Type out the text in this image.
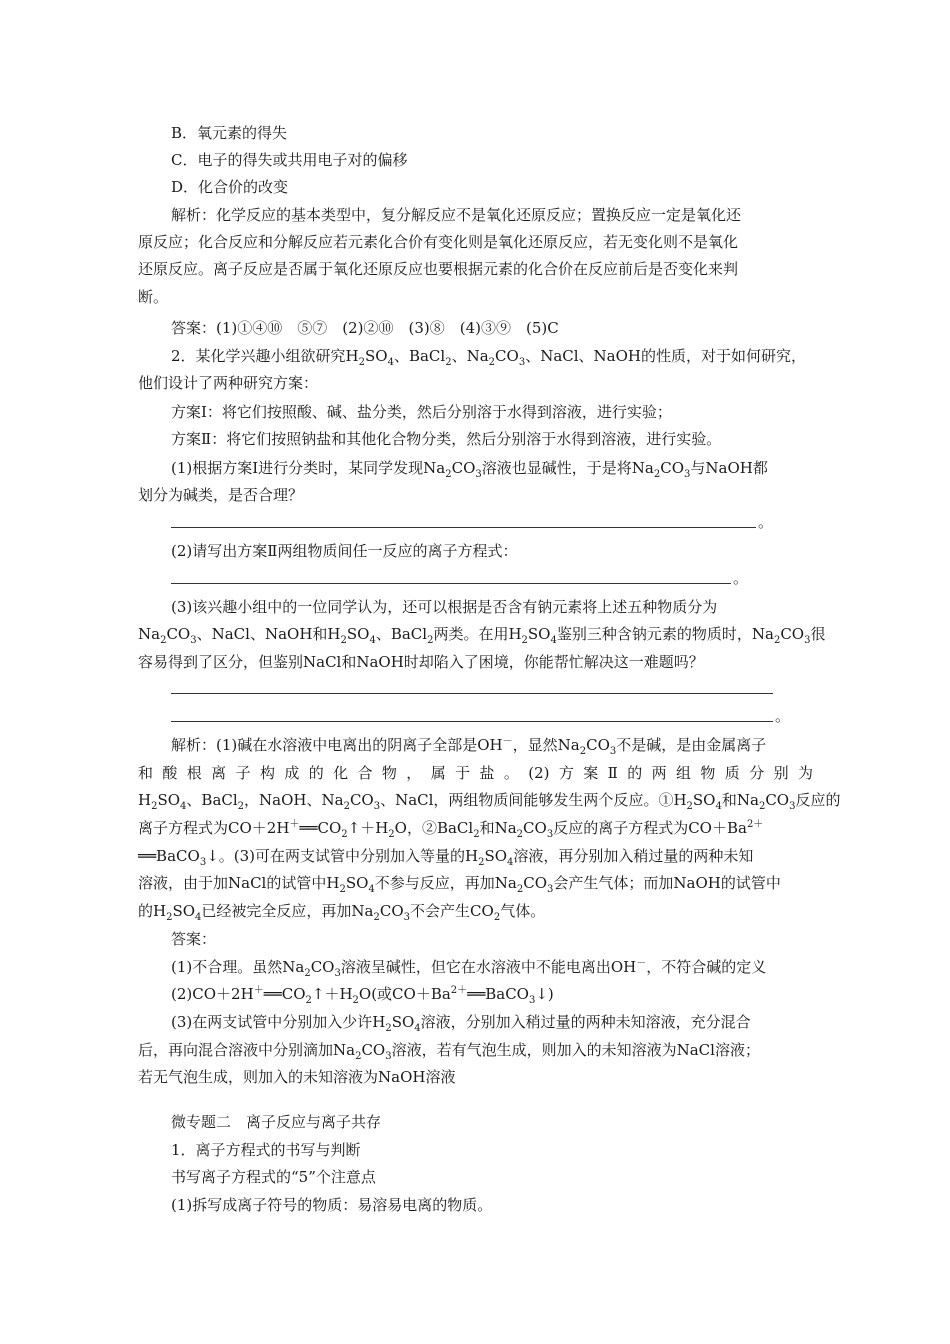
B．氧元素的得失
C．电子的得失或共用电子对的偏移
D．化合价的改变
解析：化学反应的基本类型中，复分解反应不是氧化还原反应；置换反应一定是氧化还
原反应；化合反应和分解反应若元素化合价有变化则是氧化还原反应，若无变化则不是氧化
还原反应。离子反应是否属于氧化还原反应也要根据元素的化合价在反应前后是否变化来判
断。
答案：(1)①④⑩　⑤⑦　(2)②⑩　(3)⑧　(4)③⑨　(5)C
2．某化学兴趣小组欲研究$H_2SO_4$、BaCl$_2$、$Na_2CO_3$、NaCl、NaOH的性质，对于如何研究，
他们设计了两种研究方案：
方案Ⅰ：将它们按照酸、碱、盐分类，然后分别溶于水得到溶液，进行实验；
方案Ⅱ：将它们按照钠盐和其他化合物分类，然后分别溶于水得到溶液，进行实验。
(1)根据方案Ⅰ进行分类时，某同学发现$Na_2CO_3$溶液也显碱性，于是将$Na_2CO_3$与NaOH都
划分为碱类，是否合理？
。
(2)请写出方案Ⅱ两组物质间任一反应的离子方程式：
。
(3)该兴趣小组中的一位同学认为，还可以根据是否含有钠元素将上述五种物质分为
$Na_2CO_3$、NaCl、NaOH和$H_2SO_4$、BaCl$_2$两类。在用$H_2SO_4$鉴别三种含钠元素的物质时，$Na_2CO_3$很
容易得到了区分，但鉴别NaCl和NaOH时却陷入了困境，你能帮忙解决这一难题吗？
。
解析：(1)碱在水溶液中电离出的阴离子全部是OH－，显然$Na_2CO_3$不是碱，是由金属离子
和 酸 根 离 子 构 成 的 化 合 物 ， 属 于 盐 。 (2) 方 案 Ⅱ 的 两 组 物 质 分 别 为
$H_2SO_4$、BaCl$_2$，NaOH、$Na_2CO_3$、NaCl，两组物质间能够发生两个反应。$①H_2SO_4$和$Na_2CO_3$反应的
离子方程式为$CO+2H^+══CO_2↑+H_2O$，②BaCl$_2$和$Na_2CO_3$反应的离子方程式为$CO+Ba^{2+}$
══BaCO$_3$↓。(3)可在两支试管中分别加入等量的$H_2SO_4$溶液，再分别加入稍过量的两种未知
溶液，由于加NaCl的试管中$H_2SO_4$不参与反应，再加$Na_2CO_3$会产生气体；而加NaOH的试管中
的$H_2SO_4$已经被完全反应，再加$Na_2CO_3$不会产生$CO_2$气体。
答案：
(1)不合理。虽然$Na_2CO_3$溶液呈碱性，但它在水溶液中不能电离出OH－，不符合碱的定义
$(2)CO+2H^+══CO_2↑+H_2O$(或$CO+Ba^{2+}══BaCO_3↓$)
(3)在两支试管中分别加入少许$H_2SO_4$溶液，分别加入稍过量的两种未知溶液，充分混合
后，再向混合溶液中分别滴加$Na_2CO_3$溶液，若有气泡生成，则加入的未知溶液为NaCl溶液；
若无气泡生成，则加入的未知溶液为NaOH溶液
微专题二　离子反应与离子共存
1．离子方程式的书写与判断
书写离子方程式的“5”个注意点
(1)拆写成离子符号的物质：易溶易电离的物质。
